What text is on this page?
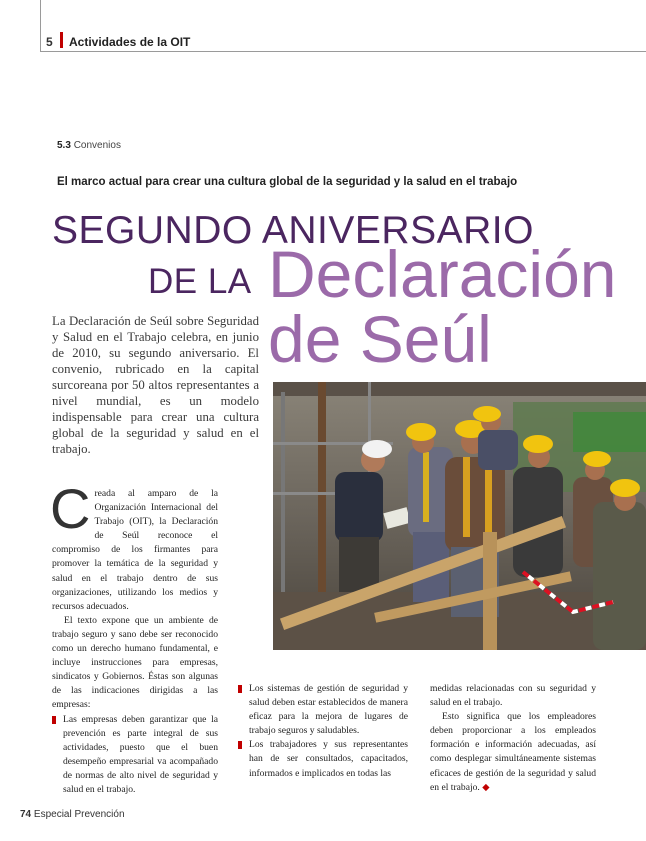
5 Actividades de la OIT
5.3 Convenios
El marco actual para crear una cultura global de la seguridad y la salud en el trabajo
SEGUNDO ANIVERSARIO
DE LA Declaración
de Seúl
La Declaración de Seúl sobre Seguridad y Salud en el Trabajo celebra, en junio de 2010, su segundo aniversario. El convenio, rubricado en la capital surcoreana por 50 altos representantes a nivel mundial, es un modelo indispensable para crear una cultura global de la seguridad y salud en el trabajo.
C reada al amparo de la Organización Internacional del Trabajo (OIT), la Declaración de Seúl reconoce el compromiso de los firmantes para promover la temática de la seguridad y salud en el trabajo dentro de sus organizaciones, utilizando los medios y recursos adecuados.

El texto expone que un ambiente de trabajo seguro y sano debe ser reconocido como un derecho humano fundamental, e incluye instrucciones para empresas, sindicatos y Gobiernos. Éstas son algunas de las indicaciones dirigidas a las empresas:

Las empresas deben garantizar que la prevención es parte integral de sus actividades, puesto que el buen desempeño empresarial va acompañado de normas de alto nivel de seguridad y salud en el trabajo.

Los sistemas de gestión de seguridad y salud deben estar establecidos de manera eficaz para la mejora de lugares de trabajo seguros y saludables.

Los trabajadores y sus representantes han de ser consultados, capacitados, informados e implicados en todas las

medidas relacionadas con su seguridad y salud en el trabajo.

Esto significa que los empleadores deben proporcionar a los empleados formación e información adecuadas, así como desplegar simultáneamente sistemas eficaces de gestión de la seguridad y salud en el trabajo. ◆

74 Especial Prevención
